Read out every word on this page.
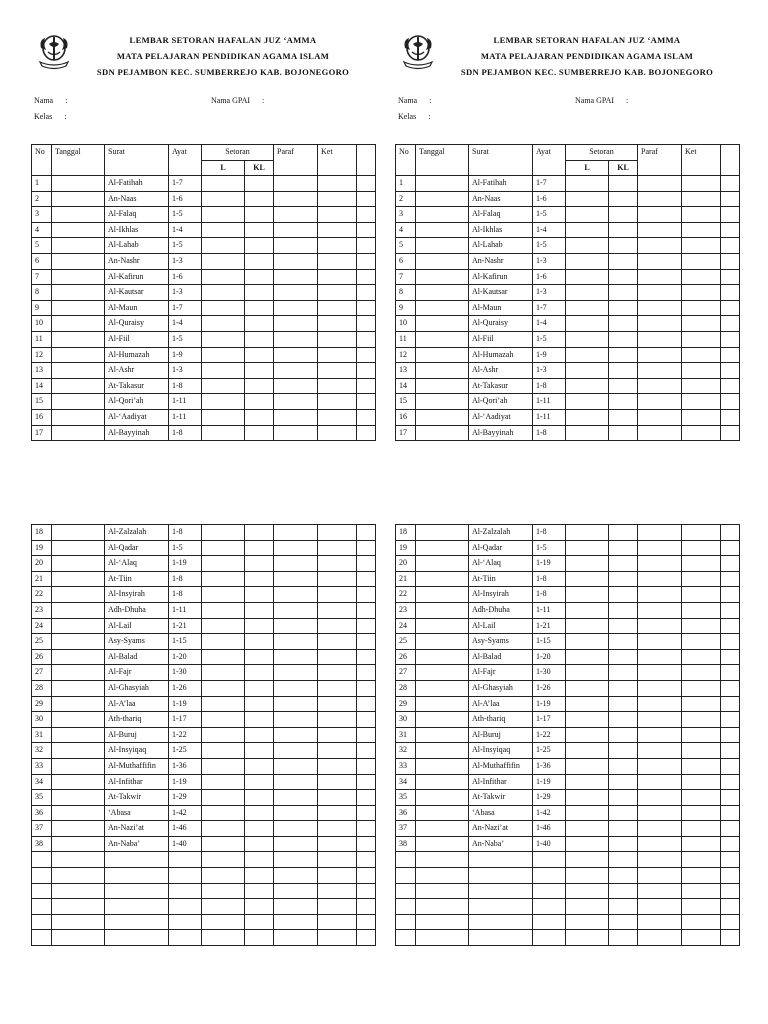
LEMBAR SETORAN HAFALAN JUZ ‘AMMA
MATA PELAJARAN PENDIDIKAN AGAMA ISLAM
SDN PEJAMBON KEC. SUMBERREJO KAB. BOJONEGORO
Nama :
Kelas :
Nama GPAI :
No	Tanggal	Surat	Ayat	Setoran		Paraf	Ket	
				L	KL			
1		Al-Fatihah	1-7					
2		An-Naas	1-6					
3		Al-Falaq	1-5					
4		Al-Ikhlas	1-4					
5		Al-Lahab	1-5					
6		An-Nashr	1-3					
7		Al-Kafirun	1-6					
8		Al-Kautsar	1-3					
9		Al-Maun	1-7					
10		Al-Quraisy	1-4					
11		Al-Fiil	1-5					
12		Al-Humazah	1-9					
13		Al-Ashr	1-3					
14		At-Takasur	1-8					
15		Al-Qori’ah	1-11					
16		Al-‘Aadiyat	1-11					
17		Al-Bayyinah	1-8					
18		Al-Zalzalah	1-8					
19		Al-Qadar	1-5					
20		Al-‘Alaq	1-19					
21		At-Tiin	1-8					
22		Al-Insyirah	1-8					
23		Adh-Dhuha	1-11					
24		Al-Lail	1-21					
25		Asy-Syams	1-15					
26		Al-Balad	1-20					
27		Al-Fajr	1-30					
28		Al-Ghasyiah	1-26					
29		Al-A’laa	1-19					
30		Ath-thariq	1-17					
31		Al-Buruj	1-22					
32		Al-Insyiqaq	1-25					
33		Al-Muthaffifin	1-36					
34		Al-Infithar	1-19					
35		At-Takwir	1-29					
36		‘Abasa	1-42					
37		An-Nazi’at	1-46					
38		An-Naba’	1-40					

LEMBAR SETORAN HAFALAN JUZ ‘AMMA
MATA PELAJARAN PENDIDIKAN AGAMA ISLAM
SDN PEJAMBON KEC. SUMBERREJO KAB. BOJONEGORO
Nama :
Kelas :
Nama GPAI :
No	Tanggal	Surat	Ayat	Setoran		Paraf	Ket	
				L	KL			
1		Al-Fatihah	1-7					
2		An-Naas	1-6					
3		Al-Falaq	1-5					
4		Al-Ikhlas	1-4					
5		Al-Lahab	1-5					
6		An-Nashr	1-3					
7		Al-Kafirun	1-6					
8		Al-Kautsar	1-3					
9		Al-Maun	1-7					
10		Al-Quraisy	1-4					
11		Al-Fiil	1-5					
12		Al-Humazah	1-9					
13		Al-Ashr	1-3					
14		At-Takasur	1-8					
15		Al-Qori’ah	1-11					
16		Al-‘Aadiyat	1-11					
17		Al-Bayyinah	1-8					
18		Al-Zalzalah	1-8					
19		Al-Qadar	1-5					
20		Al-‘Alaq	1-19					
21		At-Tiin	1-8					
22		Al-Insyirah	1-8					
23		Adh-Dhuha	1-11					
24		Al-Lail	1-21					
25		Asy-Syams	1-15					
26		Al-Balad	1-20					
27		Al-Fajr	1-30					
28		Al-Ghasyiah	1-26					
29		Al-A’laa	1-19					
30		Ath-thariq	1-17					
31		Al-Buruj	1-22					
32		Al-Insyiqaq	1-25					
33		Al-Muthaffifin	1-36					
34		Al-Infithar	1-19					
35		At-Takwir	1-29					
36		‘Abasa	1-42					
37		An-Nazi’at	1-46					
38		An-Naba’	1-40					
